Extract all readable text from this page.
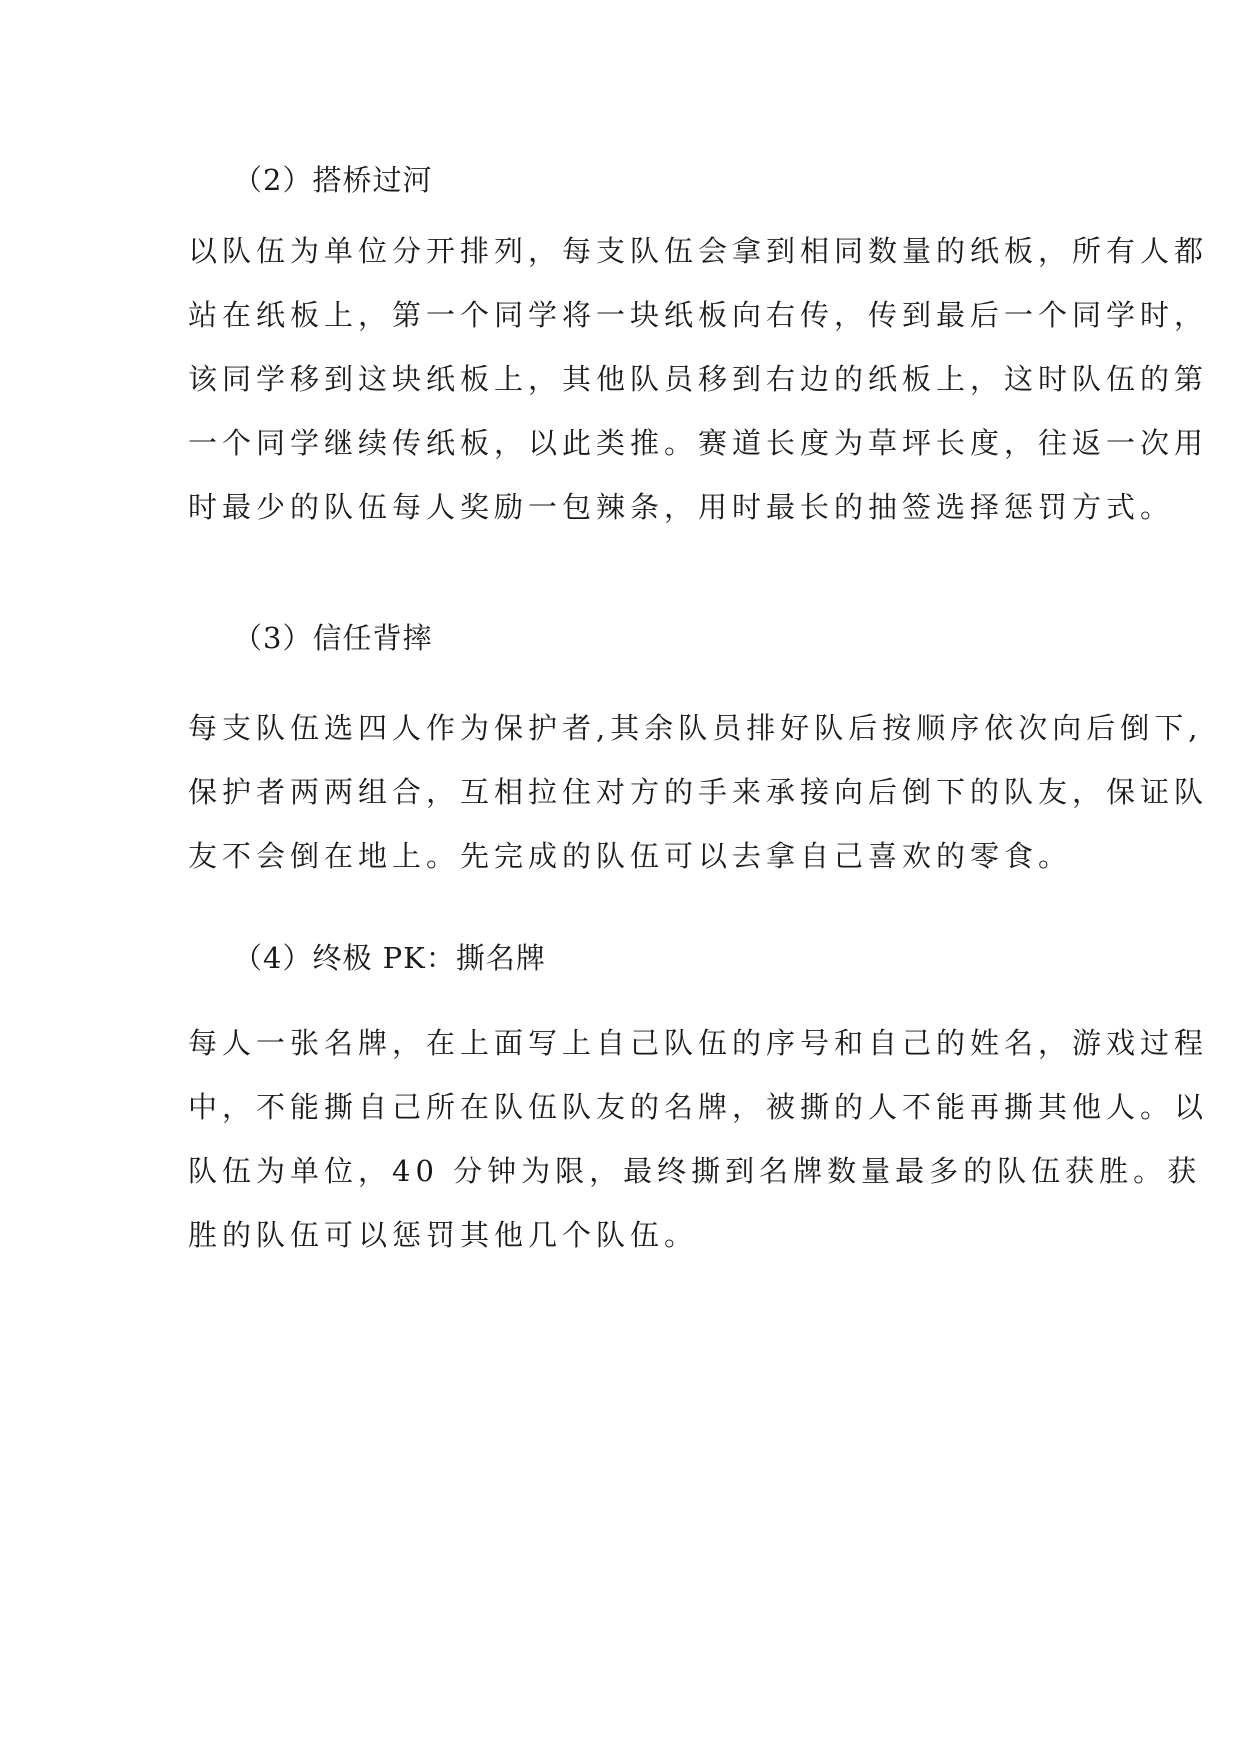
（2）搭桥过河
以队伍为单位分开排列，每支队伍会拿到相同数量的纸板，所有人都
站在纸板上，第一个同学将一块纸板向右传，传到最后一个同学时，
该同学移到这块纸板上，其他队员移到右边的纸板上，这时队伍的第
一个同学继续传纸板，以此类推。赛道长度为草坪长度，往返一次用
时最少的队伍每人奖励一包辣条，用时最长的抽签选择惩罚方式。
（3）信任背摔
每支队伍选四人作为保护者,其余队员排好队后按顺序依次向后倒下,
保护者两两组合，互相拉住对方的手来承接向后倒下的队友，保证队
友不会倒在地上。先完成的队伍可以去拿自己喜欢的零食。
（4）终极 PK：撕名牌
每人一张名牌，在上面写上自己队伍的序号和自己的姓名，游戏过程
中，不能撕自己所在队伍队友的名牌，被撕的人不能再撕其他人。以
队伍为单位，40 分钟为限，最终撕到名牌数量最多的队伍获胜。获
胜的队伍可以惩罚其他几个队伍。
